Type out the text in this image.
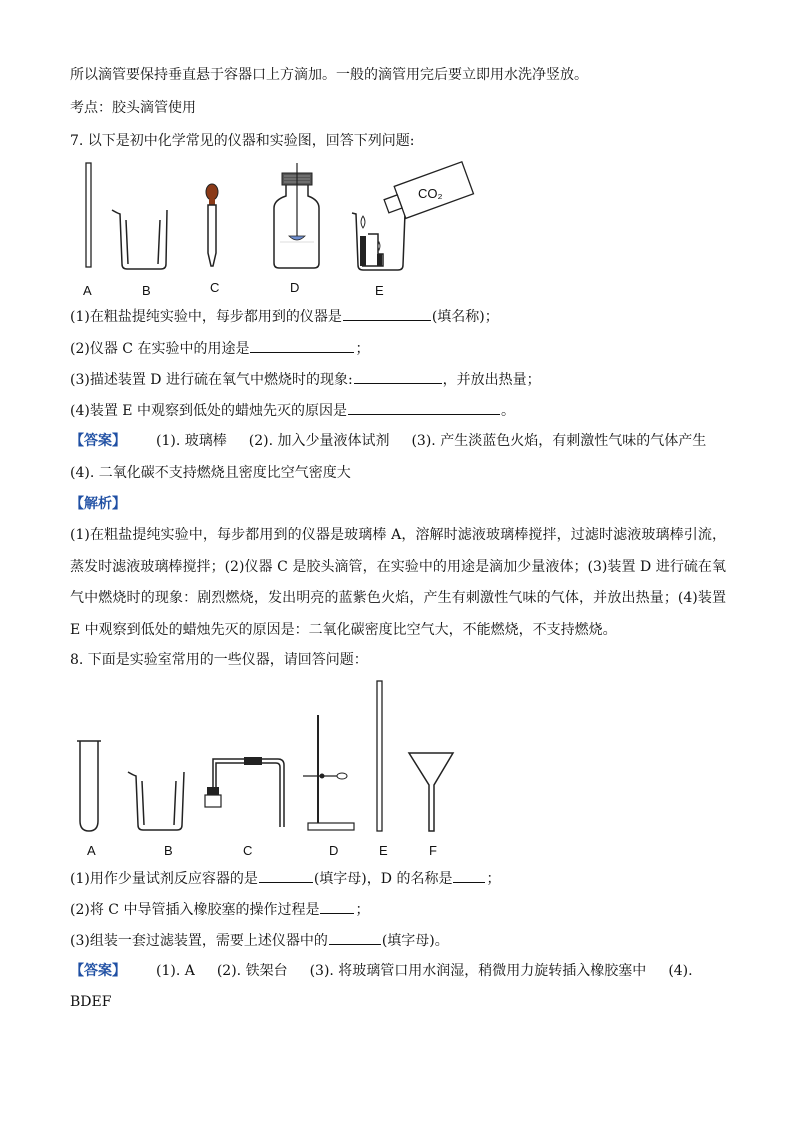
所以滴管要保持垂直悬于容器口上方滴加。一般的滴管用完后要立即用水洗净竖放。
考点：胶头滴管使用
7. 以下是初中化学常见的仪器和实验图，回答下列问题:
CO₂
A	B	C	D	E
(1)在粗盐提纯实验中，每步都用到的仪器是	(填名称)；
(2)仪器 C 在实验中的用途是	；
(3)描述装置 D 进行硫在氧气中燃烧时的现象:	，并放出热量；
(4)装置 E 中观察到低处的蜡烛先灭的原因是	。
【答案】 (1). 玻璃棒 (2). 加入少量液体试剂 (3). 产生淡蓝色火焰，有刺激性气味的气体产生
(4). 二氧化碳不支持燃烧且密度比空气密度大
【解析】
(1)在粗盐提纯实验中，每步都用到的仪器是玻璃棒 A，溶解时滤液玻璃棒搅拌，过滤时滤液玻璃棒引流，蒸发时滤液玻璃棒搅拌；(2)仪器 C 是胶头滴管，在实验中的用途是滴加少量液体；(3)装置 D 进行硫在氧气中燃烧时的现象：剧烈燃烧，发出明亮的蓝紫色火焰，产生有刺激性气味的气体，并放出热量；(4)装置 E 中观察到低处的蜡烛先灭的原因是：二氧化碳密度比空气大，不能燃烧，不支持燃烧。
8. 下面是实验室常用的一些仪器，请回答问题：
A	B	C	D	E	F
(1)用作少量试剂反应容器的是	(填字母)，D 的名称是 ；
(2)将 C 中导管插入橡胶塞的操作过程是	；
(3)组装一套过滤装置，需要上述仪器中的	(填字母)。
【答案】 (1). A (2). 铁架台 (3). 将玻璃管口用水润湿，稍微用力旋转插入橡胶塞中 (4).
BDEF
